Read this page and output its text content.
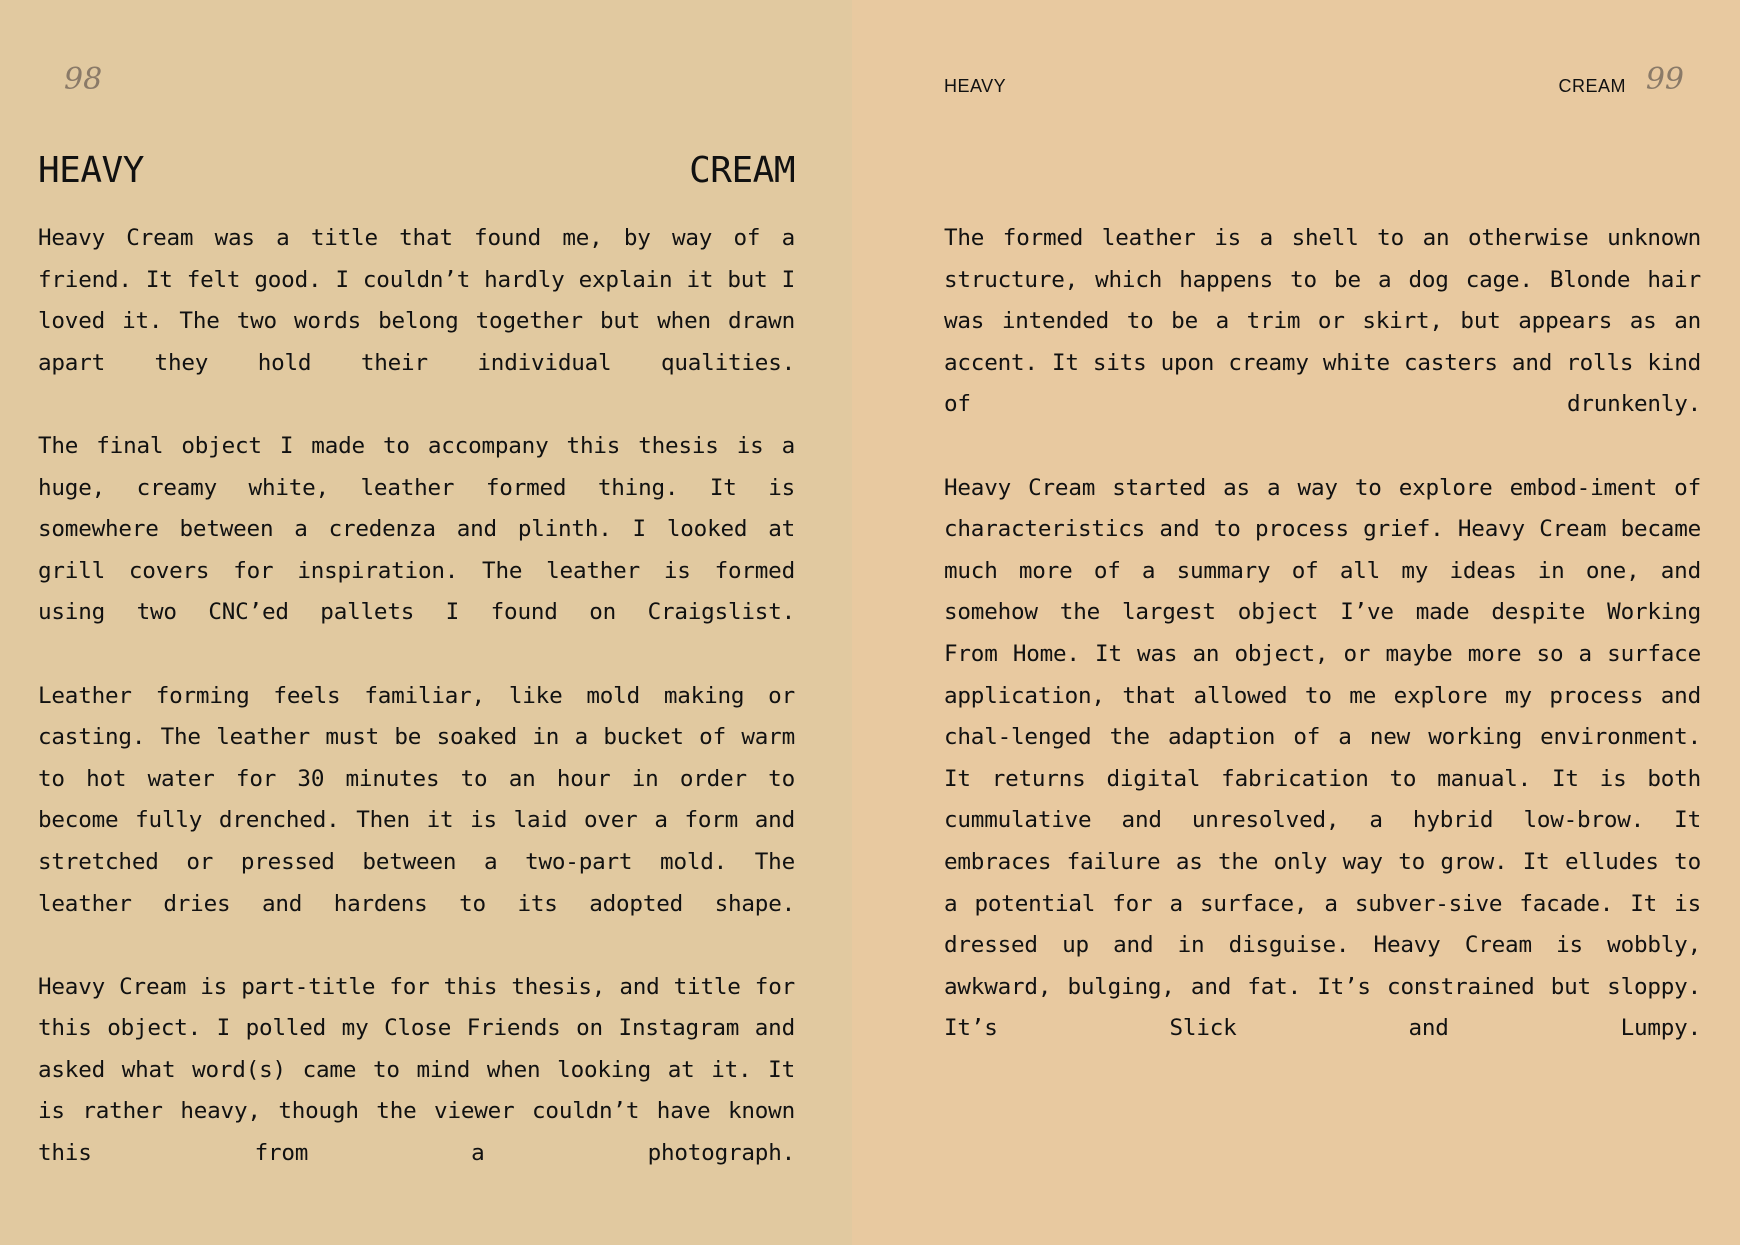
98
HEAVY	CREAM

Heavy Cream was a title that found me, by way of a friend. It felt good. I couldn’t hardly explain it but I loved it. The two words belong together but when drawn apart they hold their individual qualities.

The final object I made to accompany this thesis is a huge, creamy white, leather formed thing. It is somewhere between a credenza and plinth. I looked at grill covers for inspiration. The leather is formed using two CNC’ed pallets I found on Craigslist.

Leather forming feels familiar, like mold making or casting. The leather must be soaked in a bucket of warm to hot water for 30 minutes to an hour in order to become fully drenched. Then it is laid over a form and stretched or pressed between a two-part mold. The leather dries and hardens to its adopted shape.

Heavy Cream is part-title for this thesis, and title for this object. I polled my Close Friends on Instagram and asked what word(s) came to mind when looking at it. It is rather heavy, though the viewer couldn’t have known this from a photograph.

HEAVY	CREAM 99

The formed leather is a shell to an otherwise unknown structure, which happens to be a dog cage. Blonde hair was intended to be a trim or skirt, but appears as an accent. It sits upon creamy white casters and rolls kind of drunkenly.

Heavy Cream started as a way to explore embod-iment of characteristics and to process grief. Heavy Cream became much more of a summary of all my ideas in one, and somehow the largest object I’ve made despite Working From Home. It was an object, or maybe more so a surface application, that allowed to me explore my process and chal-lenged the adaption of a new working environment. It returns digital fabrication to manual. It is both cummulative and unresolved, a hybrid low-brow. It embraces failure as the only way to grow. It elludes to a potential for a surface, a subver-sive facade. It is dressed up and in disguise. Heavy Cream is wobbly, awkward, bulging, and fat. It’s constrained but sloppy. It’s Slick and Lumpy.
